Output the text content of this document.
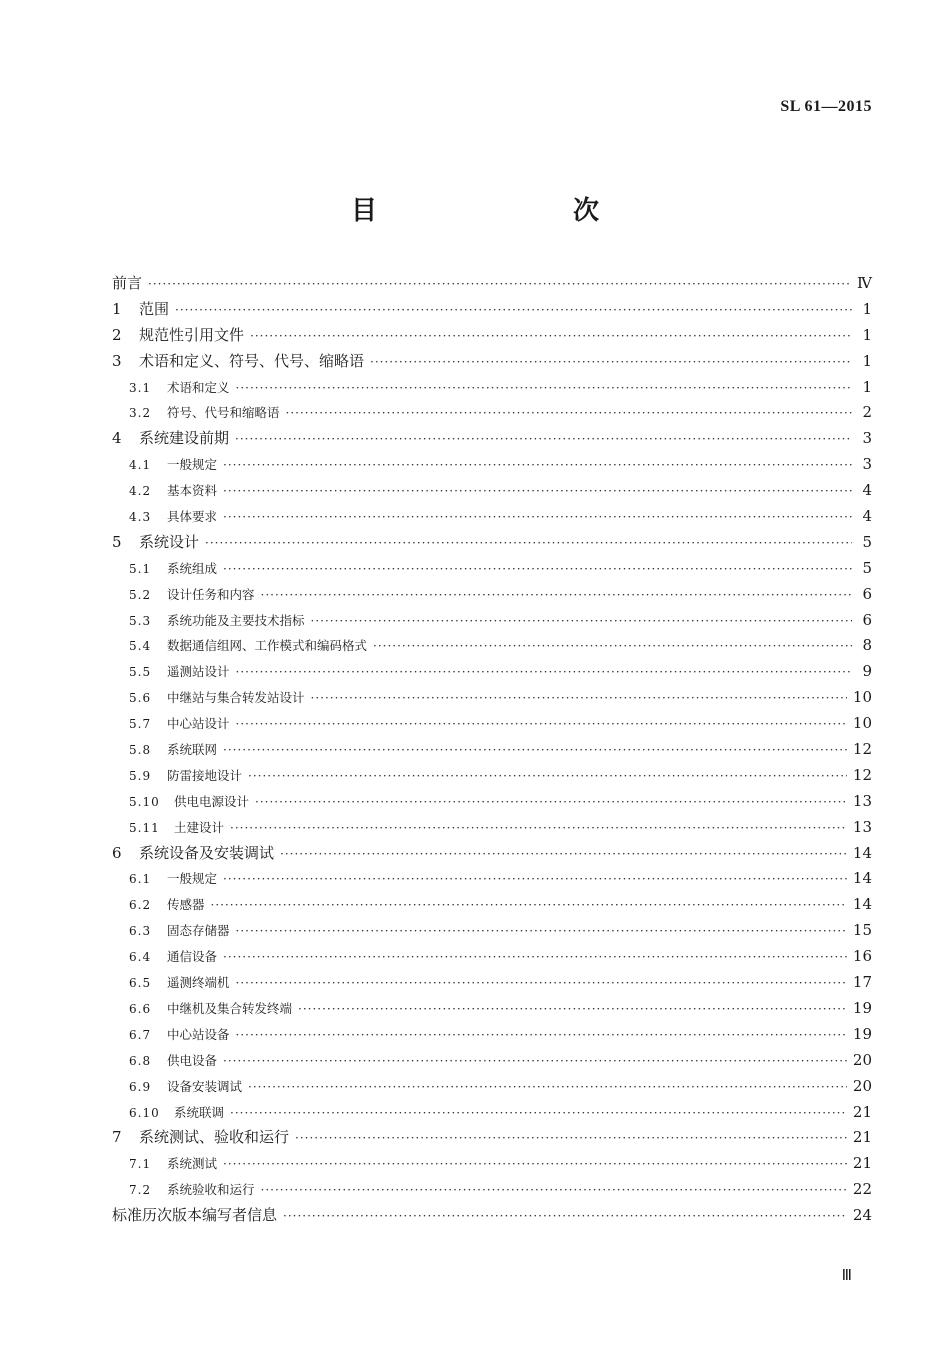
SL 61—2015
目　　次
前言 ·····	Ⅳ
1	范围 ·····	1
2	规范性引用文件 ·····	1
3	术语和定义、符号、代号、缩略语 ·····	1
3.1	术语和定义 ·····	1
3.2	符号、代号和缩略语 ·····	2
4	系统建设前期 ·····	3
4.1	一般规定 ·····	3
4.2	基本资料 ·····	4
4.3	具体要求 ·····	4
5	系统设计 ·····	5
5.1	系统组成 ·····	5
5.2	设计任务和内容 ·····	6
5.3	系统功能及主要技术指标 ·····	6
5.4	数据通信组网、工作模式和编码格式 ·····	8
5.5	遥测站设计 ·····	9
5.6	中继站与集合转发站设计 ·····	10
5.7	中心站设计 ·····	10
5.8	系统联网 ·····	12
5.9	防雷接地设计 ·····	12
5.10	供电电源设计 ·····	13
5.11	土建设计 ·····	13
6	系统设备及安装调试 ·····	14
6.1	一般规定 ·····	14
6.2	传感器 ·····	14
6.3	固态存储器 ·····	15
6.4	通信设备 ·····	16
6.5	遥测终端机 ·····	17
6.6	中继机及集合转发终端 ·····	19
6.7	中心站设备 ·····	19
6.8	供电设备 ·····	20
6.9	设备安装调试 ·····	20
6.10	系统联调 ·····	21
7	系统测试、验收和运行 ·····	21
7.1	系统测试 ·····	21
7.2	系统验收和运行 ·····	22
标准历次版本编写者信息 ·····	24
Ⅲ
